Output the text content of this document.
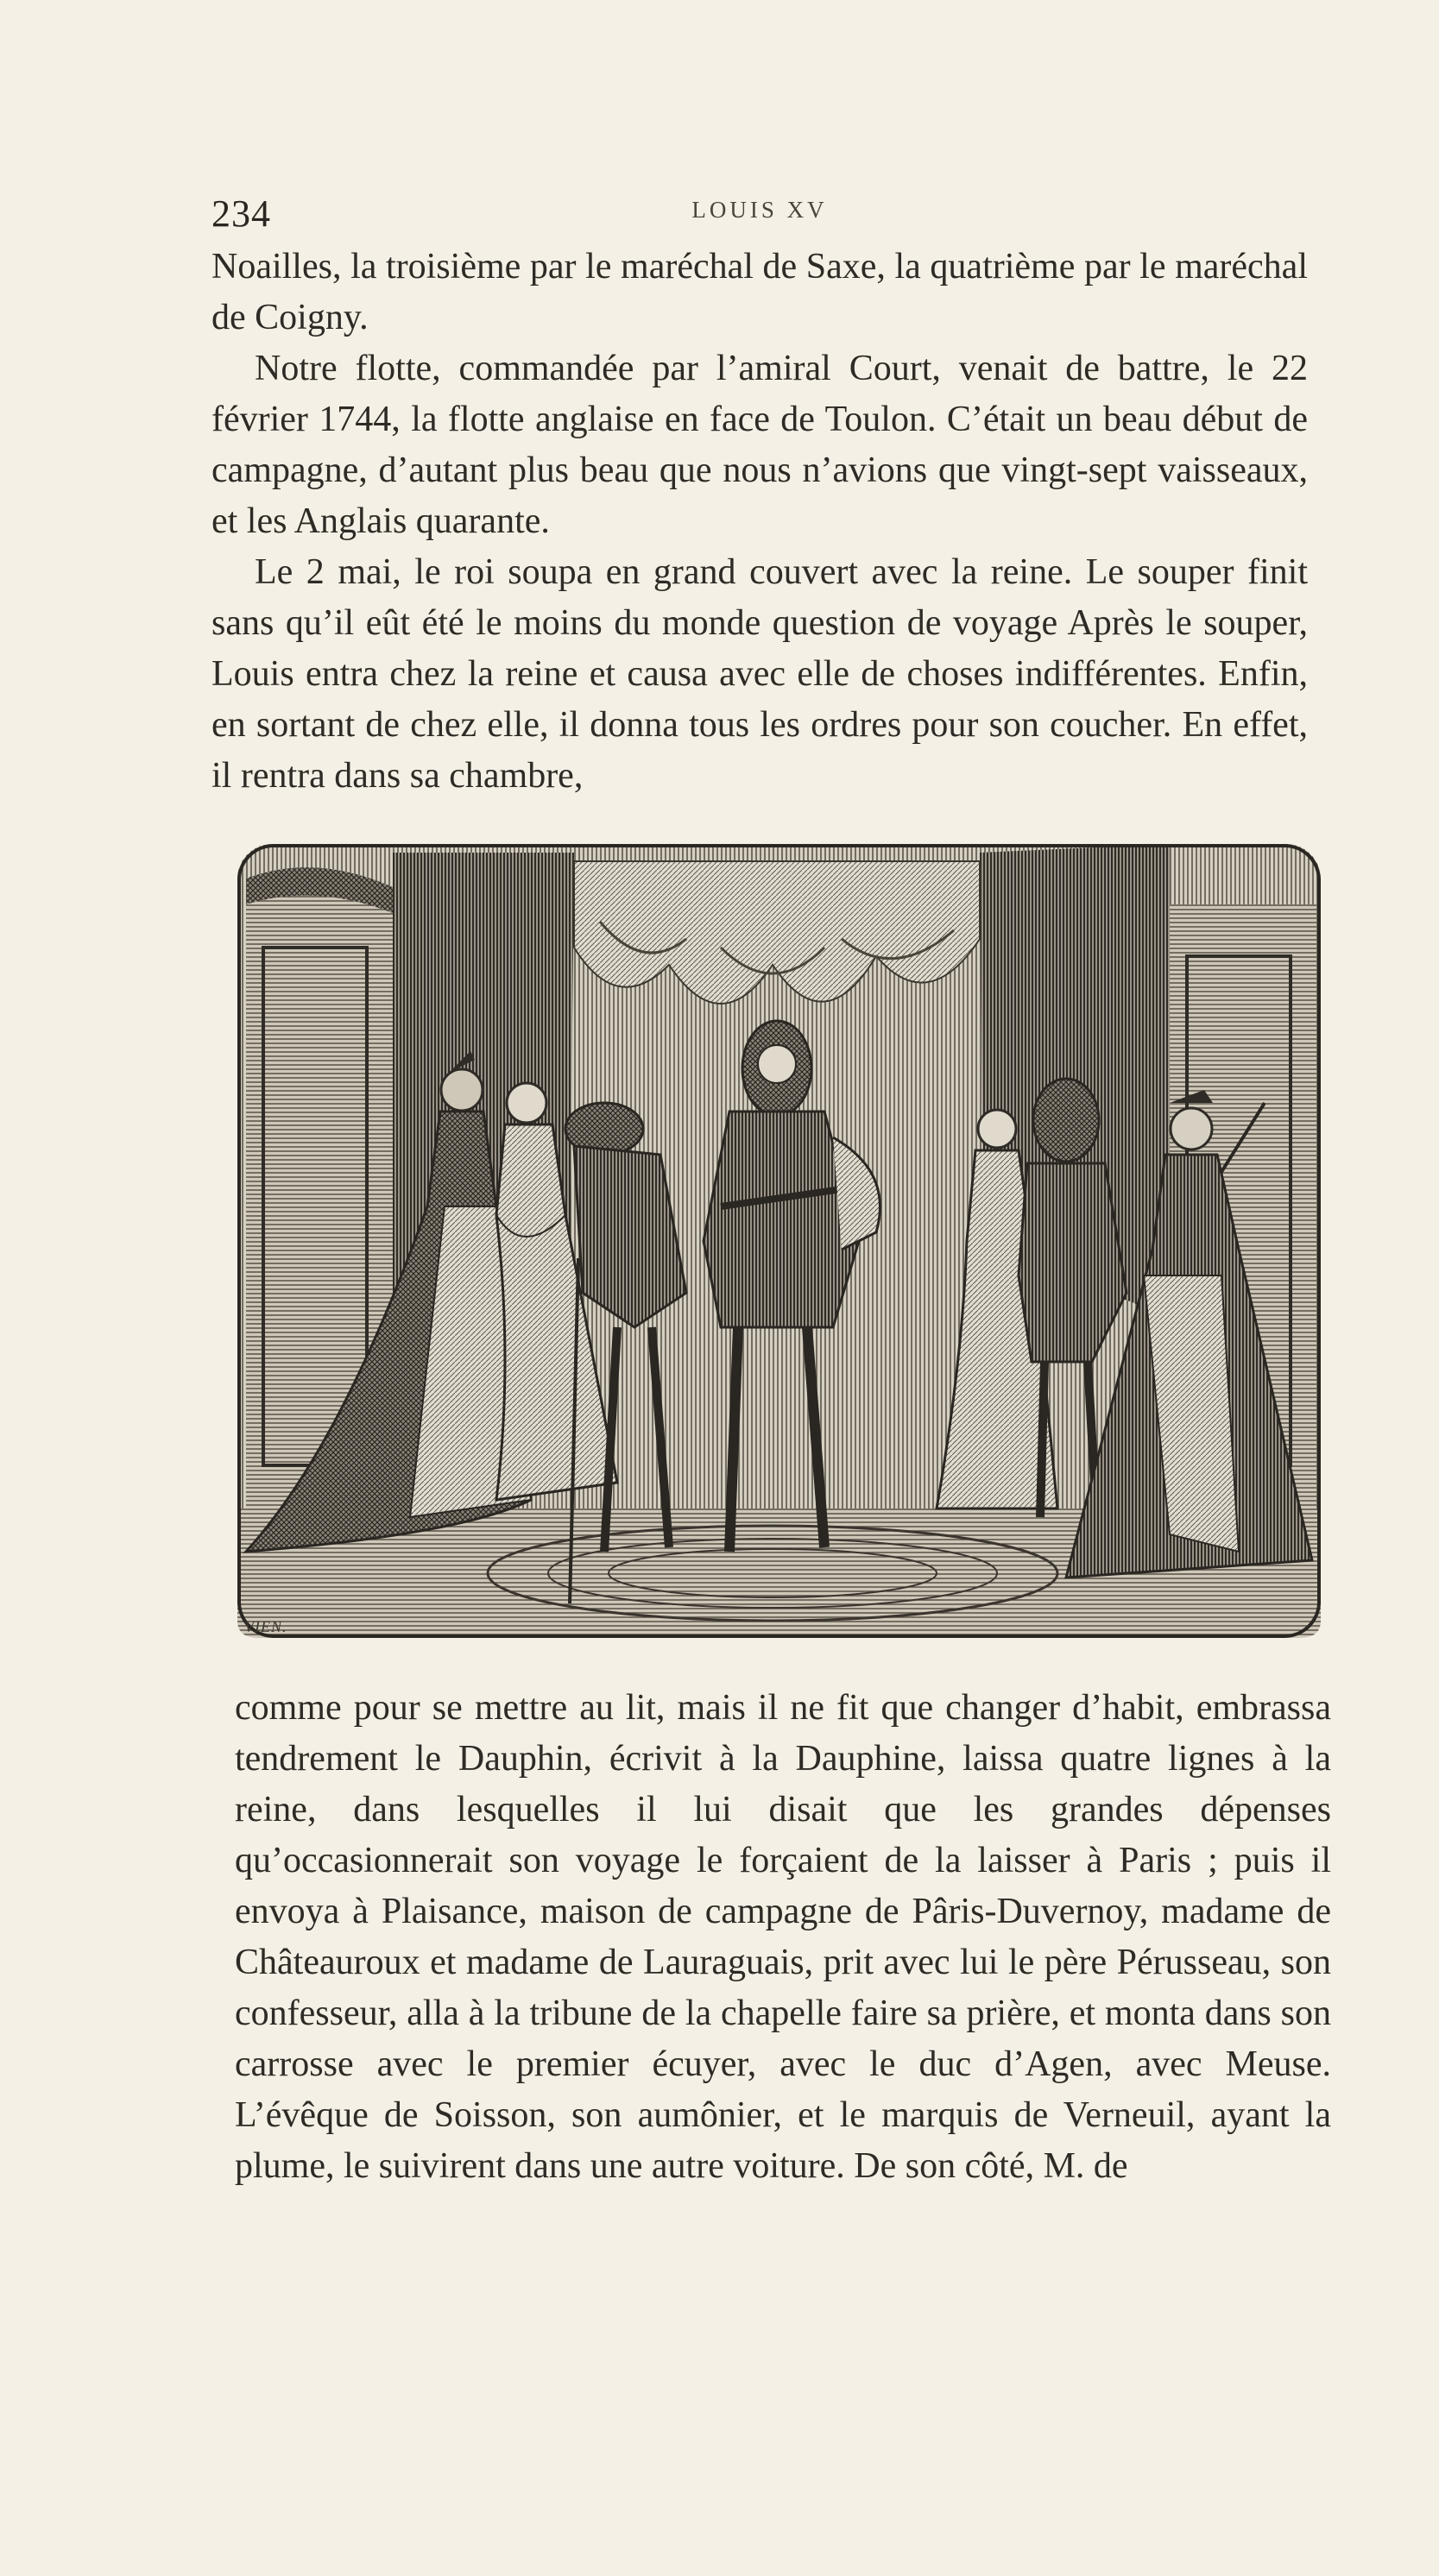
234	LOUIS XV

Noailles, la troisième par le maréchal de Saxe, la quatrième par le maréchal de Coigny.

Notre flotte, commandée par l’amiral Court, venait de battre, le 22 février 1744, la flotte anglaise en face de Toulon. C’était un beau début de campagne, d’autant plus beau que nous n’avions que vingt-sept vaisseaux, et les Anglais quarante.

Le 2 mai, le roi soupa en grand couvert avec la reine. Le souper finit sans qu’il eût été le moins du monde question de voyage Après le souper, Louis entra chez la reine et causa avec elle de choses indifférentes. Enfin, en sortant de chez elle, il donna tous les ordres pour son coucher. En effet, il rentra dans sa chambre,

VIEN.

comme pour se mettre au lit, mais il ne fit que changer d’habit, embrassa tendrement le Dauphin, écrivit à la Dauphine, laissa quatre lignes à la reine, dans lesquelles il lui disait que les grandes dépenses qu’occasionnerait son voyage le forçaient de la laisser à Paris ; puis il envoya à Plaisance, maison de campagne de Pâris-Duvernoy, madame de Châteauroux et madame de Lauraguais, prit avec lui le père Pérusseau, son confesseur, alla à la tribune de la chapelle faire sa prière, et monta dans son carrosse avec le premier écuyer, avec le duc d’Agen, avec Meuse. L’évêque de Soisson, son aumônier, et le marquis de Verneuil, ayant la plume, le suivirent dans une autre voiture. De son côté, M. de
